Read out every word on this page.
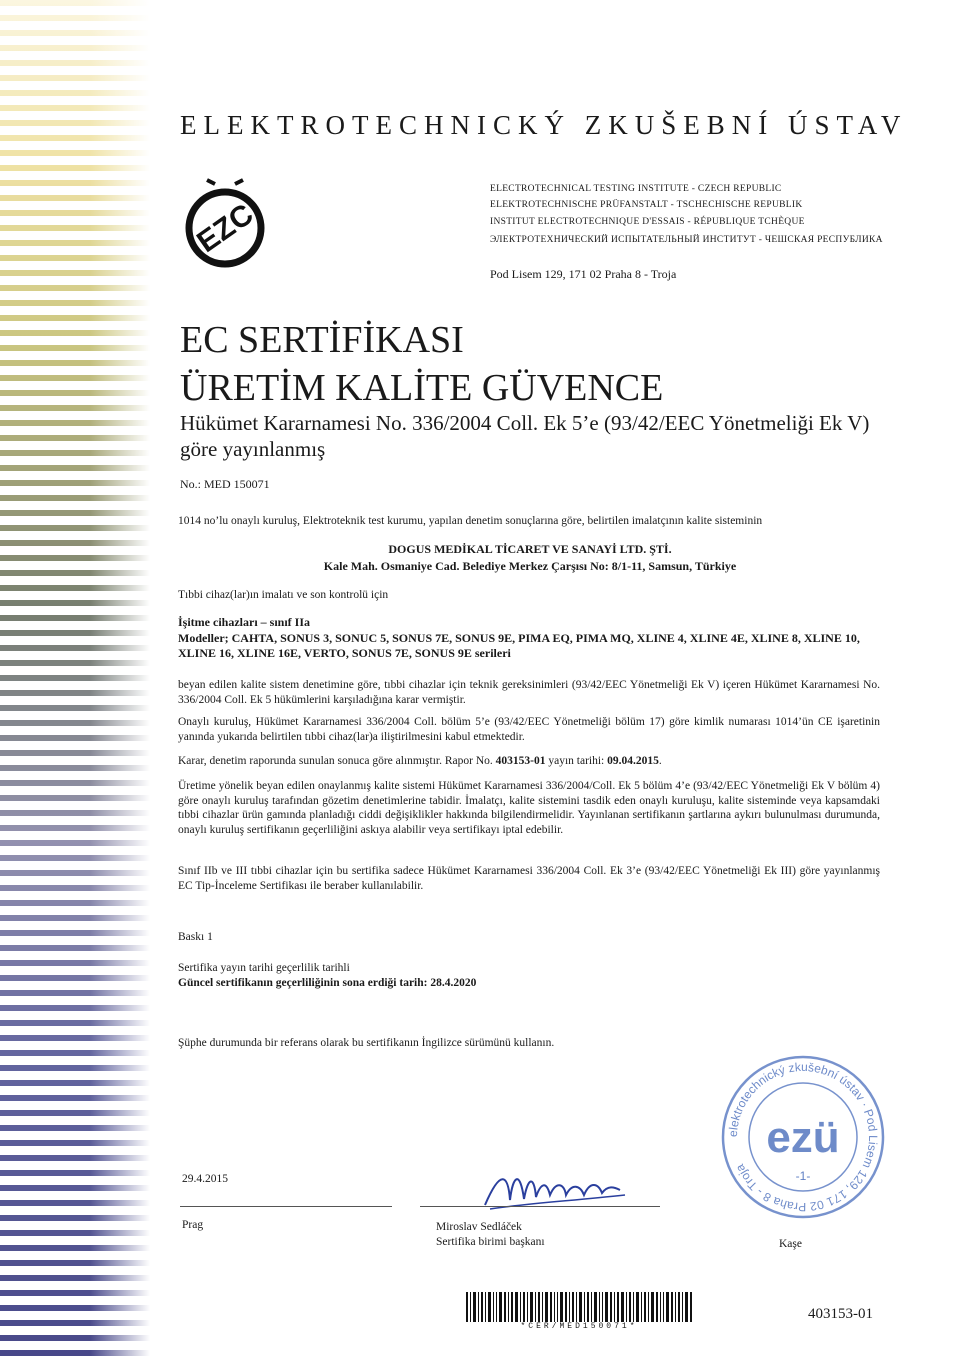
ELEKTROTECHNICKÝ ZKUŠEBNÍ ÚSTAV
EZC
ELECTROTECHNICAL TESTING INSTITUTE - CZECH REPUBLIC
ELEKTROTECHNISCHE PRÜFANSTALT - TSCHECHISCHE REPUBLIK
INSTITUT ELECTROTECHNIQUE D'ESSAIS - RÉPUBLIQUE TCHÈQUE
ЭЛЕКТРОТЕХНИЧЕСКИЙ ИСПЫТАТЕЛЬНЫЙ ИНСТИТУТ - ЧЕШСКАЯ РЕСПУБЛИКА
Pod Lisem 129, 171 02 Praha 8 - Troja
EC SERTİFİKASI
ÜRETİM KALİTE GÜVENCE
Hükümet Kararnamesi No. 336/2004 Coll. Ek 5’e (93/42/EEC Yönetmeliği Ek V) göre yayınlanmış
No.: MED 150071
1014 no’lu onaylı kuruluş, Elektroteknik test kurumu, yapılan denetim sonuçlarına göre, belirtilen imalatçının kalite sisteminin
DOGUS MEDİKAL TİCARET VE SANAYİ LTD. ŞTİ.
Kale Mah. Osmaniye Cad. Belediye Merkez Çarşısı No: 8/1-11, Samsun, Türkiye
Tıbbi cihaz(lar)ın imalatı ve son kontrolü için
İşitme cihazları – sınıf IIa
Modeller; CAHTA, SONUS 3, SONUC 5, SONUS 7E, SONUS 9E, PIMA EQ, PIMA MQ, XLINE 4, XLINE 4E, XLINE 8, XLINE 10, XLINE 16, XLINE 16E, VERTO, SONUS 7E, SONUS 9E serileri
beyan edilen kalite sistem denetimine göre, tıbbi cihazlar için teknik gereksinimleri (93/42/EEC Yönetmeliği Ek V) içeren Hükümet Kararnamesi No. 336/2004 Coll. Ek 5 hükümlerini karşıladığına karar vermiştir.
Onaylı kuruluş, Hükümet Kararnamesi 336/2004 Coll. bölüm 5’e (93/42/EEC Yönetmeliği bölüm 17) göre kimlik numarası 1014’ün CE işaretinin yanında yukarıda belirtilen tıbbi cihaz(lar)a iliştirilmesini kabul etmektedir.
Karar, denetim raporunda sunulan sonuca göre alınmıştır. Rapor No. 403153-01 yayın tarihi: 09.04.2015.
Üretime yönelik beyan edilen onaylanmış kalite sistemi Hükümet Kararnamesi 336/2004/Coll. Ek 5 bölüm 4’e (93/42/EEC Yönetmeliği Ek V bölüm 4) göre onaylı kuruluş tarafından gözetim denetimlerine tabidir. İmalatçı, kalite sistemini tasdik eden onaylı kuruluşu, kalite sisteminde veya kapsamdaki tıbbi cihazlar ürün gamında planladığı ciddi değişiklikler hakkında bilgilendirmelidir. Yayınlanan sertifikanın şartlarına aykırı bulunulması durumunda, onaylı kuruluş sertifikanın geçerliliğini askıya alabilir veya sertifikayı iptal edebilir.
Sınıf IIb ve III tıbbi cihazlar için bu sertifika sadece Hükümet Kararnamesi 336/2004 Coll. Ek 3’e (93/42/EEC Yönetmeliği Ek III) göre yayınlanmış EC Tip-İnceleme Sertifikası ile beraber kullanılabilir.
Baskı 1
Sertifika yayın tarihi geçerlilik tarihli
Güncel sertifikanın geçerliliğinin sona erdiği tarih: 28.4.2020
Şüphe durumunda bir referans olarak bu sertifikanın İngilizce sürümünü kullanın.
elektrotechnický zkušební ústav · Pod Lisem 129, 171 02 Praha 8 - Troja
ezü
-1-
29.4.2015
Prag	Miroslav Sedláček
Sertifika birimi başkanı	Kaşe
*CER/MED150071*
403153-01
